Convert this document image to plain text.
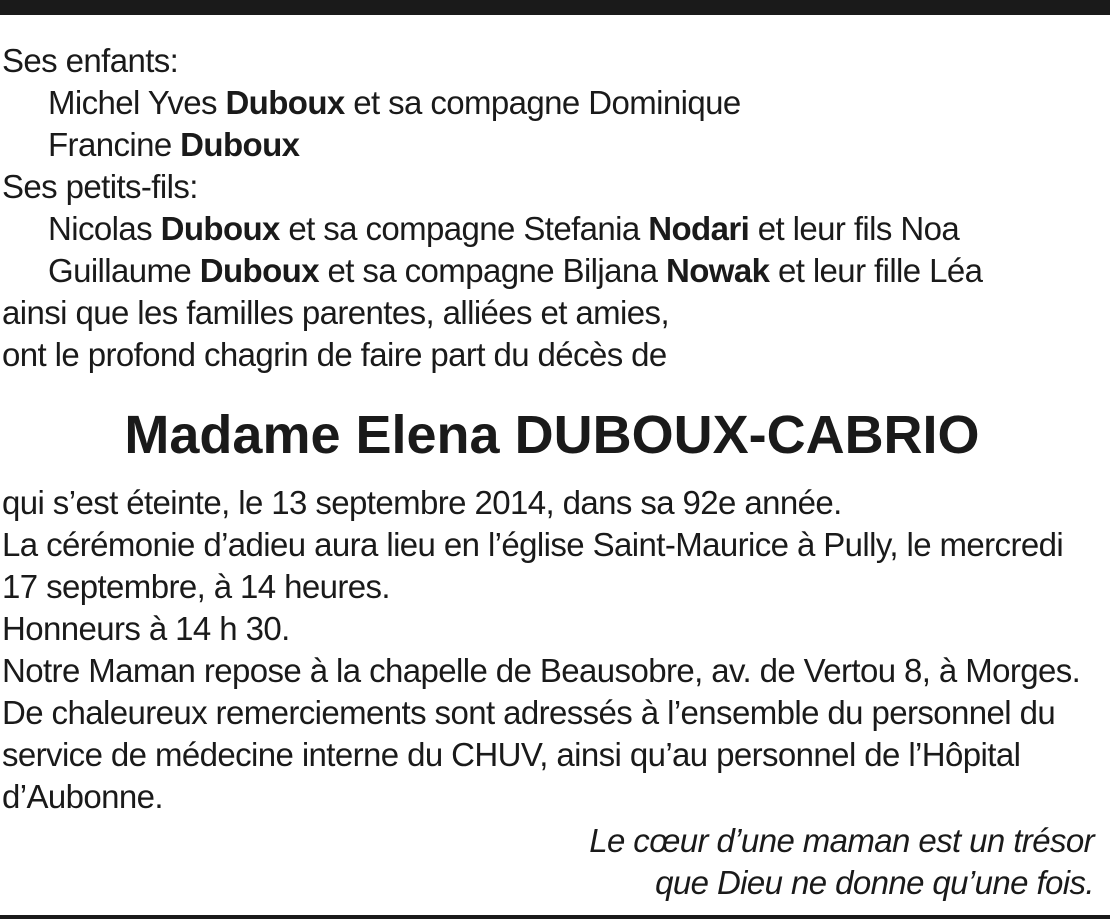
Ses enfants:
Michel Yves Duboux et sa compagne Dominique
Francine Duboux
Ses petits-fils:
Nicolas Duboux et sa compagne Stefania Nodari et leur fils Noa
Guillaume Duboux et sa compagne Biljana Nowak et leur fille Léa
ainsi que les familles parentes, alliées et amies,
ont le profond chagrin de faire part du décès de
Madame Elena DUBOUX-CABRIO
qui s’est éteinte, le 13 septembre 2014, dans sa 92e année.
La cérémonie d’adieu aura lieu en l’église Saint-Maurice à Pully, le mercredi
17 septembre, à 14 heures.
Honneurs à 14 h 30.
Notre Maman repose à la chapelle de Beausobre, av. de Vertou 8, à Morges.
De chaleureux remerciements sont adressés à l’ensemble du personnel du
service de médecine interne du CHUV, ainsi qu’au personnel de l’Hôpital
d’Aubonne.
Le cœur d’une maman est un trésor
que Dieu ne donne qu’une fois.
